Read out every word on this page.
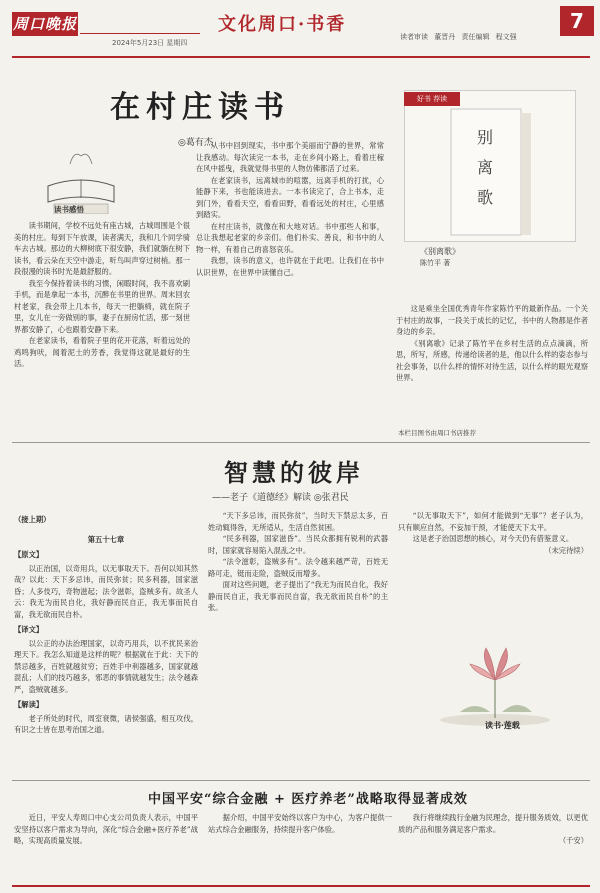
周口晚报
2024年5月23日 星期四
文化周口·书香
读者审读 董晋丹 责任编辑 程文强
7
在村庄读书
◎葛有杰
读书感悟

读书期间，学校不远处有座古城，古城周围是个很美的村庄。每到下午放课，读者满天，我和几个同学骑车去古城。那边的大柳树底下很安静，我们就躺在树下读书，看云朵在天空中游走，听鸟叫声穿过树梢。那一段很漫的读书时光是最舒服的。

我至今保持着读书的习惯，闲暇时间，我不喜欢刷手机，而是拿起一本书，沉醉在书里的世界。周末回农村老家，我会带上几本书，每天一把躺椅，就在院子里，女儿在一旁做别的事，妻子在厨房忙活，那一刻世界都安静了，心也跟着安静下来。

在老家读书，看着院子里的花开花落，听着远处的鸡鸣狗吠，闻着泥土的芳香，我觉得这就是最好的生活。

从书中回到现实，书中那个美丽而宁静的世界，常常让我感动。每次读完一本书，走在乡间小路上，看着庄稼在风中摇曳，我就觉得书里的人物仿佛都活了过来。

在老家读书，远离城市的喧嚣，远离手机的打扰，心能静下来，书也能读进去。一本书读完了，合上书本，走到门外，看看天空，看看田野，看看远处的村庄，心里感到踏实。

在村庄读书，就像在和大地对话。书中那些人和事，总让我想起老家的乡亲们。他们朴实、善良，和书中的人物一样，有着自己的喜怒哀乐。

我想，读书的意义，也许就在于此吧。让我们在书中认识世界，在世界中读懂自己。

别
离
歌
好书 荐读
《别离歌》
陈竹平 著

这是乘坐全国优秀青年作家陈竹平的最新作品。一个关于村庄的故事，一段关于成长的记忆，书中的人物都是作者身边的乡亲。

《别离歌》记录了陈竹平在乡村生活的点点滴滴，所思，所写，所感，传递给读者的是，他以什么样的姿态参与社会事务，以什么样的情怀对待生活，以什么样的眼光观察世界。

本栏目图书由周口书店推荐
智慧的彼岸
——老子《道德经》解读 ◎张君民

（接上期）

第五十七章

【原文】

以正治国，以奇用兵，以无事取天下。吾何以知其然哉？以此：天下多忌讳，而民弥贫；民多利器，国家滋昏；人多伎巧，奇物滋起；法令滋彰，盗贼多有。故圣人云：我无为而民自化，我好静而民自正，我无事而民自富，我无欲而民自朴。

【译文】

以公正的办法治理国家，以奇巧用兵，以不扰民来治理天下。我怎么知道是这样的呢？根据就在于此：天下的禁忌越多，百姓就越贫穷；百姓手中利器越多，国家就越混乱；人们的技巧越多，邪恶的事情就越发生；法令越森严，盗贼就越多。

【解读】

老子所处的时代，周室衰微，诸侯强盛，相互攻伐，有识之士皆在思考治国之道。

“天下多忌讳，而民弥贫”，当时天下禁忌太多，百姓动辄得咎，无所适从，生活自然贫困。

“民多利器，国家滋昏”。当民众都拥有锐利的武器时，国家就容易陷入混乱之中。

“法令滋彰，盗贼多有”。法令越来越严苛，百姓无路可走，铤而走险，盗贼反而增多。

面对这些问题，老子提出了“我无为而民自化，我好静而民自正，我无事而民自富，我无欲而民自朴”的主张。

“以无事取天下”，如何才能做到“无事”？老子认为，只有顺应自然，不妄加干预，才能使天下太平。

这是老子治国思想的核心，对今天仍有借鉴意义。

（未完待续）

读书·莲载
中国平安“综合金融 + 医疗养老”战略取得显著成效

近日，平安人寿周口中心支公司负责人表示，中国平安坚持以客户需求为导向，深化“综合金融+医疗养老”战略，实现高质量发展。

据介绍，中国平安始终以客户为中心，为客户提供一站式综合金融服务，持续提升客户体验。

我行将继续践行金融为民理念，提升服务质效，以更优质的产品和服务满足客户需求。

（千安）
